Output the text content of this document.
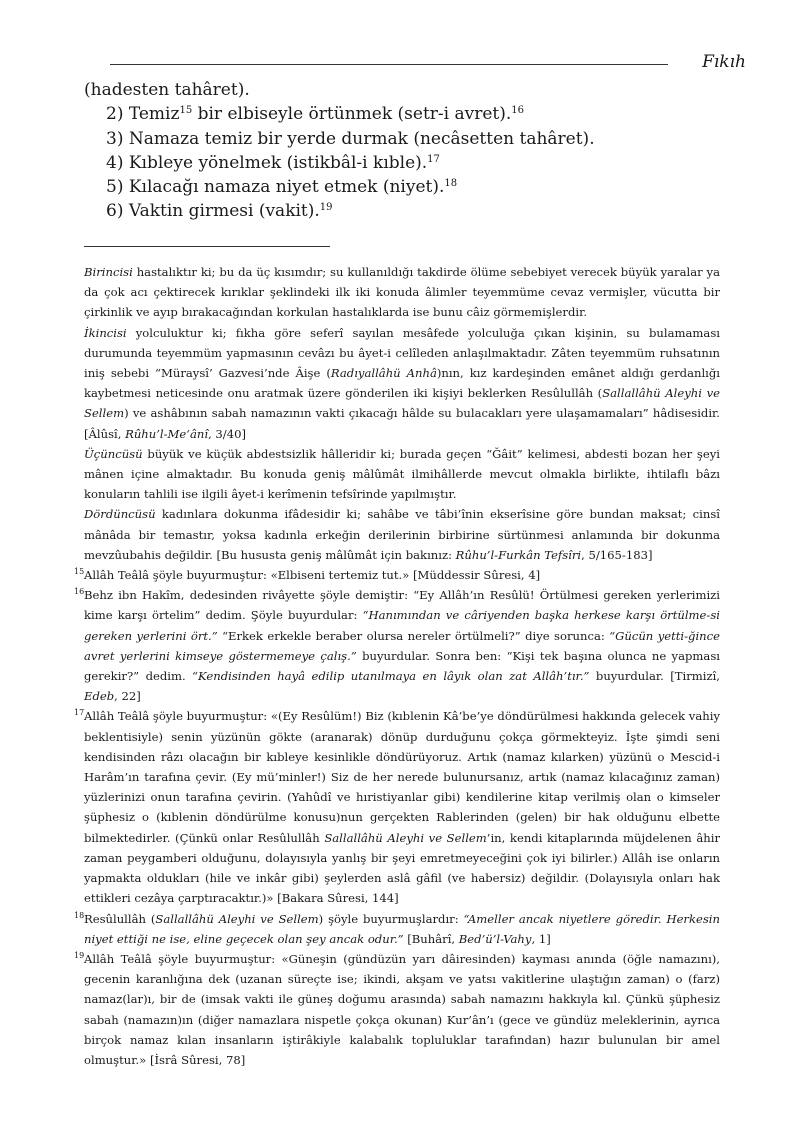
Fıkıh

(hadesten tahâret).

2) Temiz$^{15}$ bir elbiseyle örtünmek (setr-i avret).$^{16}$

3) Namaza temiz bir yerde durmak (necâsetten tahâret).

4) Kıbleye yönelmek (istikbâl-i kıble).$^{17}$

5) Kılacağı namaza niyet etmek (niyet).$^{18}$

6) Vaktin girmesi (vakit).$^{19}$

Birincisi hastalıktır ki; bu da üç kısımdır; su kullanıldığı takdirde ölüme sebebiyet verecek büyük yaralar ya da çok acı çektirecek kırıklar şeklindeki ilk iki konuda âlimler teyemmüme cevaz vermişler, vücutta bir çirkinlik ve ayıp bırakacağından korkulan hastalıklarda ise bunu câiz görmemişlerdir.

İkincisi yolculuktur ki; fıkha göre seferî sayılan mesâfede yolculuğa çıkan kişinin, su bulamaması durumunda teyemmüm yapmasının cevâzı bu âyet-i celîleden anlaşılmaktadır. Zâten teyemmüm ruhsatının iniş sebebi “Müraysî’ Gazvesi’nde Âişe (Radıyallâhü Anhâ)nın, kız kardeşinden emânet aldığı gerdanlığı kaybetmesi neticesinde onu aratmak üzere gönderilen iki kişiyi beklerken Resûlullâh (Sallallâhü Aleyhi ve Sellem) ve ashâbının sabah namazının vakti çıkacağı hâlde su bulacakları yere ulaşamamaları” hâdisesidir. [Âlûsî, Rûhu’l-Me‘ânî, 3/40]

Üçüncüsü büyük ve küçük abdestsizlik hâlleridir ki; burada geçen “Ğâit” kelimesi, abdesti bozan her şeyi mânen içine almaktadır. Bu konuda geniş mâlûmât ilmihâllerde mevcut olmakla birlikte, ihtilaflı bâzı konuların tahlili ise ilgili âyet-i kerîmenin tefsîrinde yapılmıştır.

Dördüncüsü kadınlara dokunma ifâdesidir ki; sahâbe ve tâbi’înin ekserîsine göre bundan maksat; cinsî mânâda bir temastır, yoksa kadınla erkeğin derilerinin birbirine sürtünmesi anlamında bir dokunma mevzûubahis değildir. [Bu hususta geniş mâlûmât için bakınız: Rûhu’l-Furkân Tefsîri, 5/165-183]

15 Allâh Teâlâ şöyle buyurmuştur: «Elbiseni tertemiz tut.» [Müddessir Sûresi, 4]

16 Behz ibn Hakîm, dedesinden rivâyette şöyle demiştir: “Ey Allâh’ın Resûlü! Örtülmesi gereken yerlerimizi kime karşı örtelim” dedim. Şöyle buyurdular: “Hanımından ve câriyenden başka herkese karşı örtülme-si gereken yerlerini ört.” “Erkek erkekle beraber olursa nereler örtülmeli?” diye sorunca: “Gücün yetti-ğince avret yerlerini kimseye göstermemeye çalış.” buyurdular. Sonra ben: “Kişi tek başına olunca ne yapması gerekir?” dedim. “Kendisinden hayâ edilip utanılmaya en lâyık olan zat Allâh’tır.” buyurdular. [Tirmizî, Edeb, 22]

17 Allâh Teâlâ şöyle buyurmuştur: «(Ey Resûlüm!) Biz (kıblenin Kâ’be’ye döndürülmesi hakkında gelecek vahiy beklentisiyle) senin yüzünün gökte (aranarak) dönüp durduğunu çokça görmekteyiz. İşte şimdi seni kendisinden râzı olacağın bir kıbleye kesinlikle döndürüyoruz. Artık (namaz kılarken) yüzünü o Mescid-i Harâm’ın tarafına çevir. (Ey mü’minler!) Siz de her nerede bulunursanız, artık (namaz kılacağınız zaman) yüzlerinizi onun tarafına çevirin. (Yahûdî ve hıristiyanlar gibi) kendilerine kitap verilmiş olan o kimseler şüphesiz o (kıblenin döndürülme konusu)nun gerçekten Rablerinden (gelen) bir hak olduğunu elbette bilmektedirler. (Çünkü onlar Resûlullâh Sallallâhü Aleyhi ve Sellem’in, kendi kitaplarında müjdelenen âhir zaman peygamberi olduğunu, dolayısıyla yanlış bir şeyi emretmeyeceğini çok iyi bilirler.) Allâh ise onların yapmakta oldukları (hile ve inkâr gibi) şeylerden aslâ gâfil (ve habersiz) değildir. (Dolayısıyla onları hak ettikleri cezâya çarptıracaktır.)» [Bakara Sûresi, 144]

18 Resûlullâh (Sallallâhü Aleyhi ve Sellem) şöyle buyurmuşlardır: “Ameller ancak niyetlere göredir. Herkesin niyet ettiği ne ise, eline geçecek olan şey ancak odur.” [Buhârî, Bed’ü’l-Vahy, 1]

19 Allâh Teâlâ şöyle buyurmuştur: «Güneşin (gündüzün yarı dâiresinden) kayması anında (öğle namazını), gecenin karanlığına dek (uzanan süreçte ise; ikindi, akşam ve yatsı vakitlerine ulaştığın zaman) o (farz) namaz(lar)ı, bir de (imsak vakti ile güneş doğumu arasında) sabah namazını hakkıyla kıl. Çünkü şüphesiz sabah (namazın)ın (diğer namazlara nispetle çokça okunan) Kur’ân’ı (gece ve gündüz meleklerinin, ayrıca birçok namaz kılan insanların iştirâkiyle kalabalık topluluklar tarafından) hazır bulunulan bir amel olmuştur.» [İsrâ Sûresi, 78]
